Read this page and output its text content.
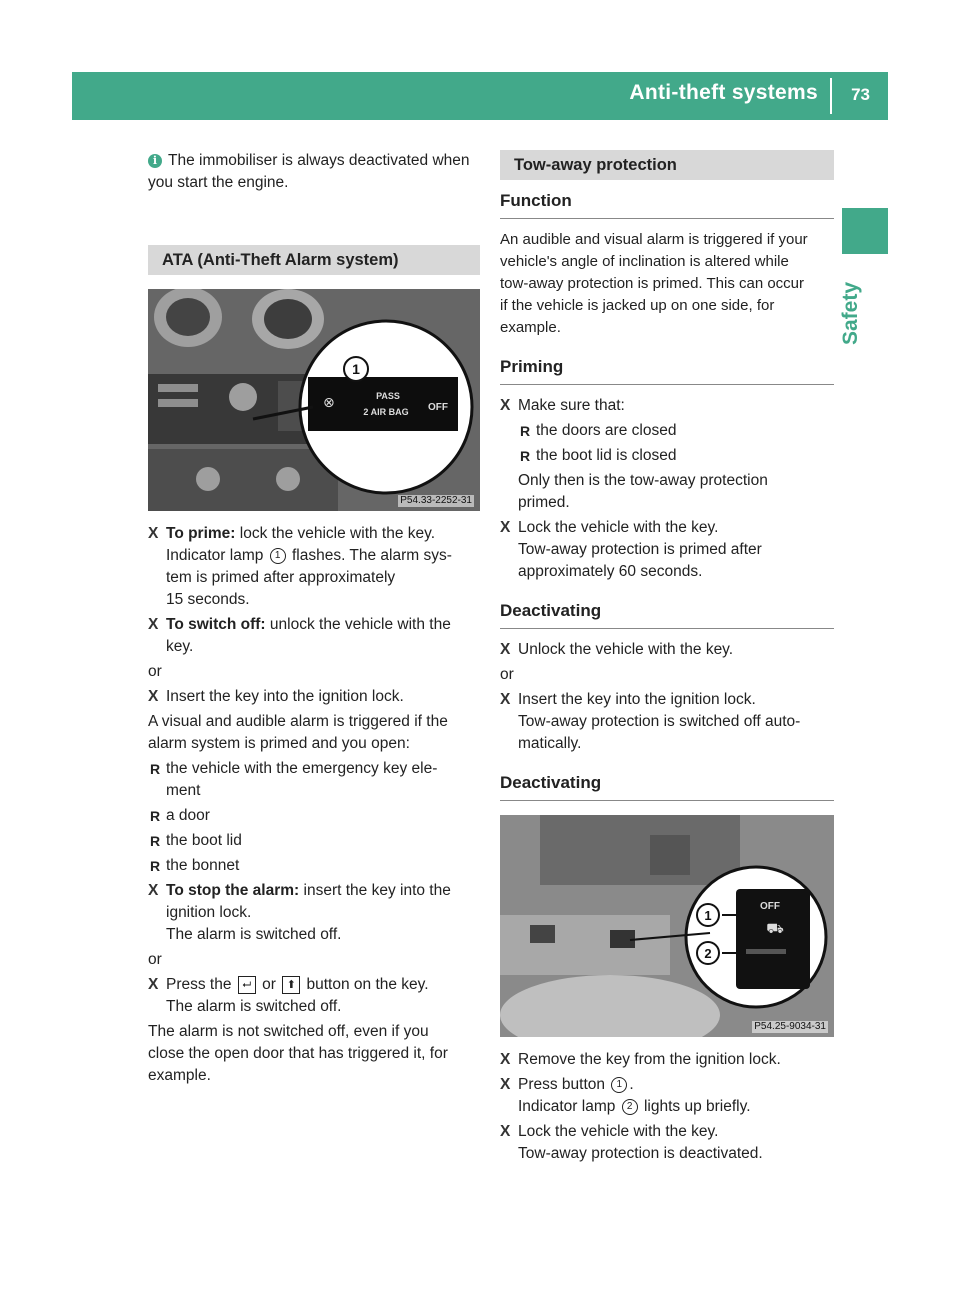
Anti-theft systems 73
Safety

i The immobiliser is always deactivated when you start the engine.

ATA (Anti-Theft Alarm system)
1
⊗	PASS
2 AIR BAG OFF
P54.33-2252-31
X To prime: lock the vehicle with the key.
Indicator lamp 1 flashes. The alarm sys-
tem is primed after approximately
15 seconds.
X To switch off: unlock the vehicle with the
key.

or

X Insert the key into the ignition lock.

A visual and audible alarm is triggered if the
alarm system is primed and you open:

R the vehicle with the emergency key ele-
ment
R a door
R the boot lid
R the bonnet
X To stop the alarm: insert the key into the
ignition lock.
The alarm is switched off.

or

X Press the ⮠ or ⬆ button on the key.
The alarm is switched off.

The alarm is not switched off, even if you
close the open door that has triggered it, for
example.

Tow-away protection
Function

An audible and visual alarm is triggered if your
vehicle's angle of inclination is altered while
tow-away protection is primed. This can occur
if the vehicle is jacked up on one side, for
example.

Priming
X Make sure that:
R the doors are closed
R the boot lid is closed

Only then is the tow-away protection
primed.

X Lock the vehicle with the key.
Tow-away protection is primed after
approximately 60 seconds.
Deactivating
X Unlock the vehicle with the key.

or

X Insert the key into the ignition lock.
Tow-away protection is switched off auto-
matically.
Deactivating
OFF
⛟
1
2
P54.25-9034-31
X Remove the key from the ignition lock.
X Press button 1 .
Indicator lamp 2 lights up briefly.
X Lock the vehicle with the key.
Tow-away protection is deactivated.
